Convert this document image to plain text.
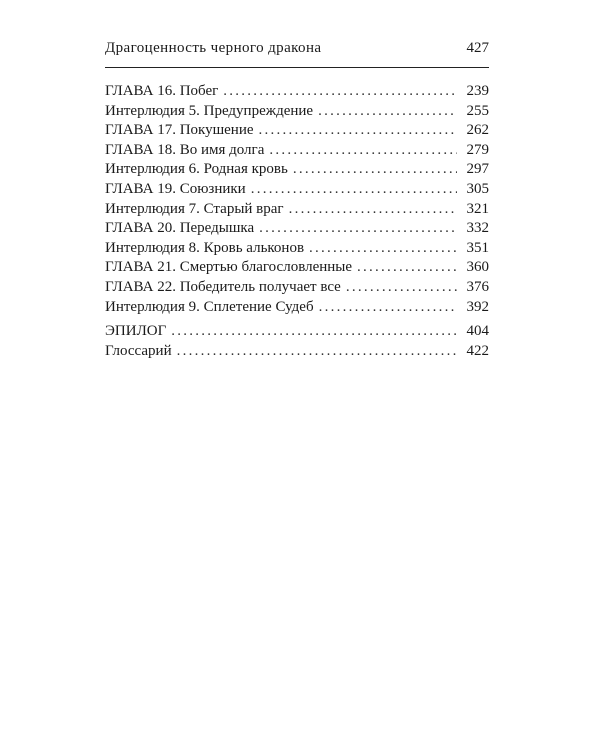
Драгоценность черного дракона	427
ГЛАВА 16. Побег . . .	239
Интерлюдия 5. Предупреждение . . .	255
ГЛАВА 17. Покушение . . .	262
ГЛАВА 18. Во имя долга . . .	279
Интерлюдия 6. Родная кровь . . .	297
ГЛАВА 19. Союзники . . .	305
Интерлюдия 7. Старый враг . . .	321
ГЛАВА 20. Передышка . . .	332
Интерлюдия 8. Кровь альконов . . .	351
ГЛАВА 21. Смертью благословленные . . .	360
ГЛАВА 22. Победитель получает все . . .	376
Интерлюдия 9. Сплетение Судеб . . .	392
ЭПИЛОГ . . .	404
Глоссарий . . .	422
